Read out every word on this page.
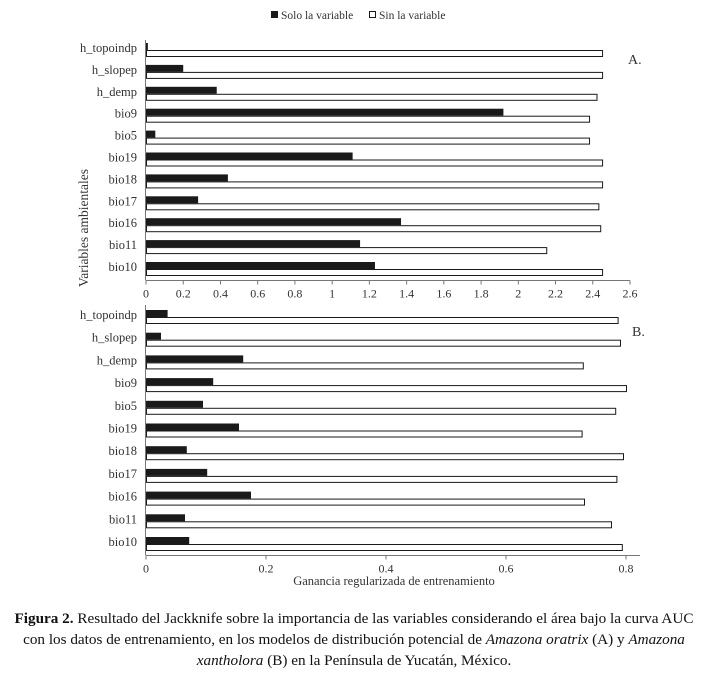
Solo la variable Sin la variable
Variables ambientales
h_topoindp
h_slopep
h_demp
bio9
bio5
bio19
bio18
bio17
bio16
bio11
bio10
0 0.2 0.4 0.6 0.8 1 1.2 1.4 1.6 1.8 2 2.2 2.4 2.6
A.
h_topoindp
h_slopep
h_demp
bio9
bio5
bio19
bio18
bio17
bio16
bio11
bio10
0	0.2	0.4	0.6	0.8
B.
Ganancia regularizada de entrenamiento
Figura 2. Resultado del Jackknife sobre la importancia de las variables considerando el área bajo la curva AUC con los datos de entrenamiento, en los modelos de distribución potencial de Amazona oratrix (A) y Amazona xantholora (B) en la Península de Yucatán, México.
